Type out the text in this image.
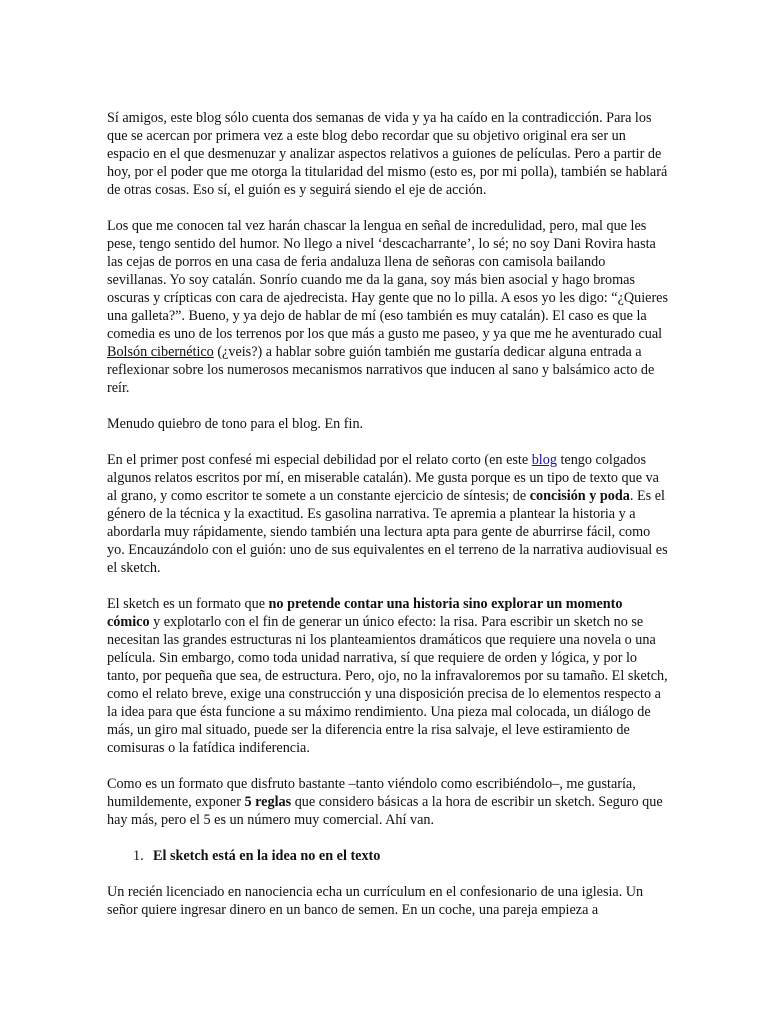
Sí amigos, este blog sólo cuenta dos semanas de vida y ya ha caído en la contradicción. Para los que se acercan por primera vez a este blog debo recordar que su objetivo original era ser un espacio en el que desmenuzar y analizar aspectos relativos a guiones de películas. Pero a partir de hoy, por el poder que me otorga la titularidad del mismo (esto es, por mi polla), también se hablará de otras cosas. Eso sí, el guión es y seguirá siendo el eje de acción.

Los que me conocen tal vez harán chascar la lengua en señal de incredulidad, pero, mal que les pese, tengo sentido del humor. No llego a nivel ‘descacharrante’, lo sé; no soy Dani Rovira hasta las cejas de porros en una casa de feria andaluza llena de señoras con camisola bailando sevillanas. Yo soy catalán. Sonrío cuando me da la gana, soy más bien asocial y hago bromas oscuras y crípticas con cara de ajedrecista. Hay gente que no lo pilla. A esos yo les digo: “¿Quieres una galleta?”. Bueno, y ya dejo de hablar de mí (eso también es muy catalán). El caso es que la comedia es uno de los terrenos por los que más a gusto me paseo, y ya que me he aventurado cual Bolsón cibernético (¿veis?) a hablar sobre guión también me gustaría dedicar alguna entrada a reflexionar sobre los numerosos mecanismos narrativos que inducen al sano y balsámico acto de reír.

Menudo quiebro de tono para el blog. En fin.

En el primer post confesé mi especial debilidad por el relato corto (en este blog tengo colgados algunos relatos escritos por mí, en miserable catalán). Me gusta porque es un tipo de texto que va al grano, y como escritor te somete a un constante ejercicio de síntesis; de concisión y poda. Es el género de la técnica y la exactitud. Es gasolina narrativa. Te apremia a plantear la historia y a abordarla muy rápidamente, siendo también una lectura apta para gente de aburrirse fácil, como yo. Encauzándolo con el guión: uno de sus equivalentes en el terreno de la narrativa audiovisual es el sketch.

El sketch es un formato que no pretende contar una historia sino explorar un momento cómico y explotarlo con el fin de generar un único efecto: la risa. Para escribir un sketch no se necesitan las grandes estructuras ni los planteamientos dramáticos que requiere una novela o una película. Sin embargo, como toda unidad narrativa, sí que requiere de orden y lógica, y por lo tanto, por pequeña que sea, de estructura. Pero, ojo, no la infravaloremos por su tamaño. El sketch, como el relato breve, exige una construcción y una disposición precisa de lo elementos respecto a la idea para que ésta funcione a su máximo rendimiento. Una pieza mal colocada, un diálogo de más, un giro mal situado, puede ser la diferencia entre la risa salvaje, el leve estiramiento de comisuras o la fatídica indiferencia.

Como es un formato que disfruto bastante –tanto viéndolo como escribiéndolo–, me gustaría, humildemente, exponer 5 reglas que considero básicas a la hora de escribir un sketch. Seguro que hay más, pero el 5 es un número muy comercial. Ahí van.

1. El sketch está en la idea no en el texto

Un recién licenciado en nanociencia echa un currículum en el confesionario de una iglesia. Un señor quiere ingresar dinero en un banco de semen. En un coche, una pareja empieza a
